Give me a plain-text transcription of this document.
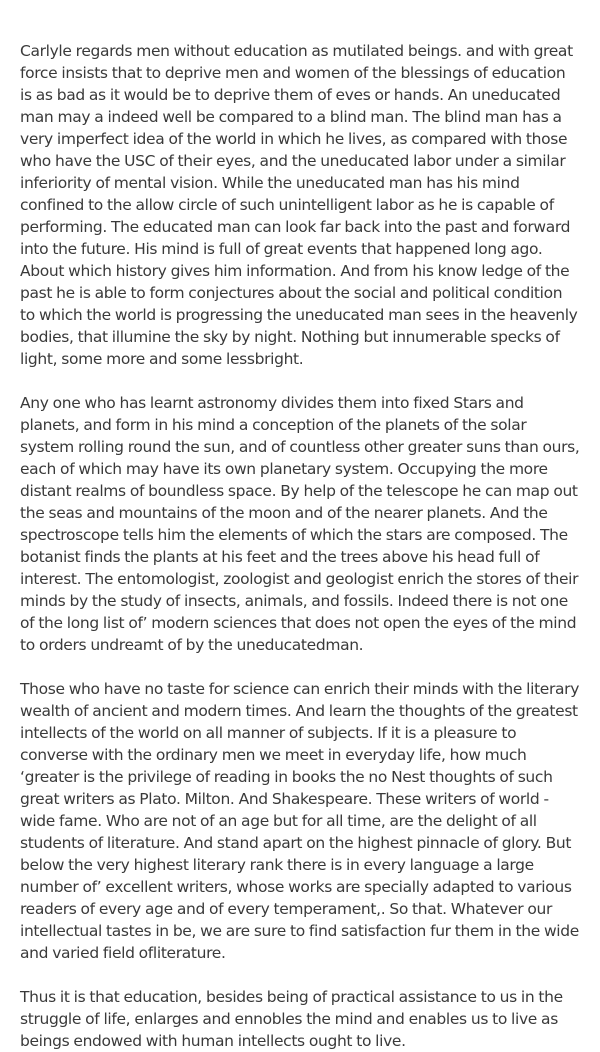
Carlyle regards men without education as mutilated beings. and with great force insists that to deprive men and women of the blessings of education is as bad as it would be to deprive them of eves or hands. An uneducated man may a indeed well be compared to a blind man. The blind man has a very imperfect idea of the world in which he lives, as compared with those who have the USC of their eyes, and the uneducated labor under a similar inferiority of mental vision. While the uneducated man has his mind confined to the allow circle of such unintelligent labor as he is capable of performing. The educated man can look far back into the past and forward into the future. His mind is full of great events that happened long ago. About which history gives him information. And from his know ledge of the past he is able to form conjectures about the social and political condition to which the world is progressing the uneducated man sees in the heavenly bodies, that illumine the sky by night. Nothing but innumerable specks of light, some more and some lessbright.

Any one who has learnt astronomy divides them into fixed Stars and planets, and form in his mind a conception of the planets of the solar system rolling round the sun, and of countless other greater suns than ours, each of which may have its own planetary system. Occupying the more distant realms of boundless space. By help of the telescope he can map out the seas and mountains of the moon and of the nearer planets. And the spectroscope tells him the elements of which the stars are composed. The botanist finds the plants at his feet and the trees above his head full of interest. The entomologist, zoologist and geologist enrich the stores of their minds by the study of insects, animals, and fossils. Indeed there is not one of the long list of’ modern sciences that does not open the eyes of the mind to orders undreamt of by the uneducatedman.

Those who have no taste for science can enrich their minds with the literary wealth of ancient and modern times. And learn the thoughts of the greatest intellects of the world on all manner of subjects. If it is a pleasure to converse with the ordinary men we meet in everyday life, how much ‘greater is the privilege of reading in books the no Nest thoughts of such great writers as Plato. Milton. And Shakespeare. These writers of world -wide fame. Who are not of an age but for all time, are the delight of all students of literature. And stand apart on the highest pinnacle of glory. But below the very highest literary rank there is in every language a large number of’ excellent writers, whose works are specially adapted to various readers of every age and of every temperament,. So that. Whatever our intellectual tastes in be, we are sure to find satisfaction fur them in the wide and varied field ofliterature.

Thus it is that education, besides being of practical assistance to us in the struggle of life, enlarges and ennobles the mind and enables us to live as beings endowed with human intellects ought to live.
